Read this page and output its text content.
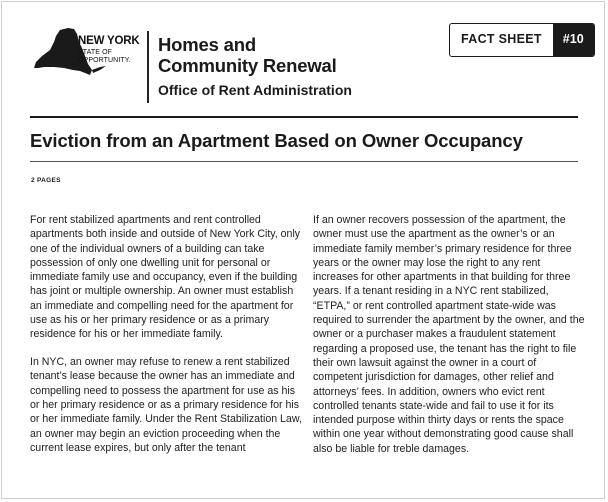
NEW YORK
STATE OF
OPPORTUNITY.
Homes and
Community Renewal
Office of Rent Administration
FACT SHEET	#10
Eviction from an Apartment Based on Owner Occupancy
2 PAGES

For rent stabilized apartments and rent controlled apartments both inside and outside of New York City, only one of the individual owners of a building can take possession of only one dwelling unit for personal or immediate family use and occupancy, even if the building has joint or multiple ownership. An owner must establish an immediate and compelling need for the apartment for use as his or her primary residence or as a primary residence for his or her immediate family.

In NYC, an owner may refuse to renew a rent stabilized tenant’s lease because the owner has an immediate and compelling need to possess the apartment for use as his or her primary residence or as a primary residence for his or her immediate family. Under the Rent Stabilization Law, an owner may begin an eviction proceeding when the current lease expires, but only after the tenant

If an owner recovers possession of the apartment, the owner must use the apartment as the owner’s or an immediate family member’s primary residence for three years or the owner may lose the right to any rent increases for other apartments in that building for three years. If a tenant residing in a NYC rent stabilized, “ETPA,” or rent controlled apartment state-wide was required to surrender the apartment by the owner, and the owner or a purchaser makes a fraudulent statement regarding a proposed use, the tenant has the right to file their own lawsuit against the owner in a court of competent jurisdiction for damages, other relief and attorneys’ fees. In addition, owners who evict rent controlled tenants state-wide and fail to use it for its intended purpose within thirty days or rents the space within one year without demonstrating good cause shall also be liable for treble damages.
